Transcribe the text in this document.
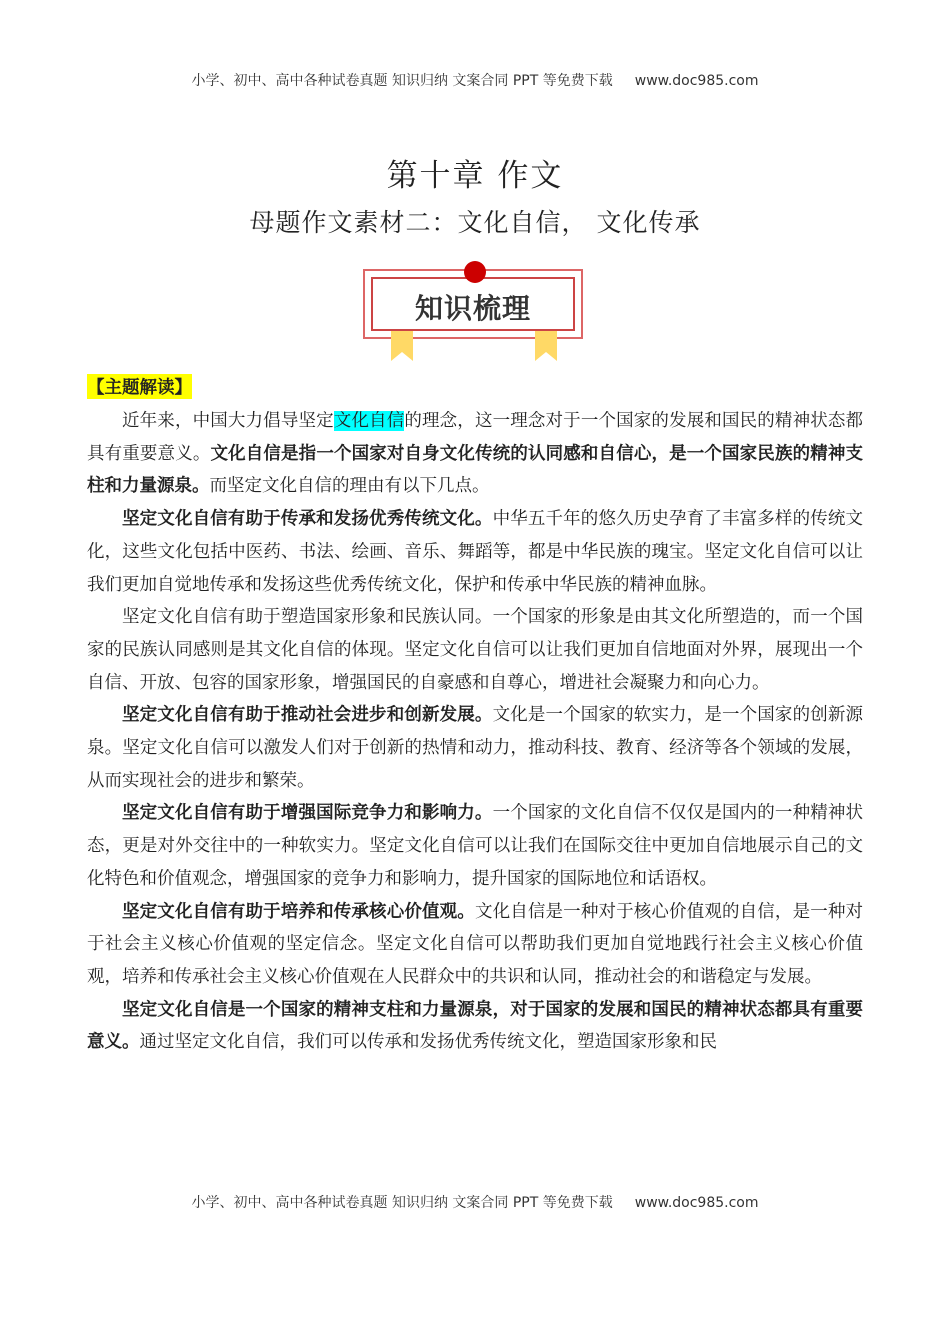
小学、初中、高中各种试卷真题 知识归纳 文案合同 PPT 等免费下载 www.doc985.com
第十章 作文
母题作文素材二：文化自信， 文化传承
知识梳理
【主题解读】

近年来，中国大力倡导坚定文化自信的理念，这一理念对于一个国家的发展和国民的精神状态都具有重要意义。文化自信是指一个国家对自身文化传统的认同感和自信心，是一个国家民族的精神支柱和力量源泉。而坚定文化自信的理由有以下几点。

坚定文化自信有助于传承和发扬优秀传统文化。中华五千年的悠久历史孕育了丰富多样的传统文化，这些文化包括中医药、书法、绘画、音乐、舞蹈等，都是中华民族的瑰宝。坚定文化自信可以让我们更加自觉地传承和发扬这些优秀传统文化，保护和传承中华民族的精神血脉。

坚定文化自信有助于塑造国家形象和民族认同。一个国家的形象是由其文化所塑造的，而一个国家的民族认同感则是其文化自信的体现。坚定文化自信可以让我们更加自信地面对外界，展现出一个自信、开放、包容的国家形象，增强国民的自豪感和自尊心，增进社会凝聚力和向心力。

坚定文化自信有助于推动社会进步和创新发展。文化是一个国家的软实力，是一个国家的创新源泉。坚定文化自信可以激发人们对于创新的热情和动力，推动科技、教育、经济等各个领域的发展，从而实现社会的进步和繁荣。

坚定文化自信有助于增强国际竞争力和影响力。一个国家的文化自信不仅仅是国内的一种精神状态，更是对外交往中的一种软实力。坚定文化自信可以让我们在国际交往中更加自信地展示自己的文化特色和价值观念，增强国家的竞争力和影响力，提升国家的国际地位和话语权。

坚定文化自信有助于培养和传承核心价值观。文化自信是一种对于核心价值观的自信，是一种对于社会主义核心价值观的坚定信念。坚定文化自信可以帮助我们更加自觉地践行社会主义核心价值观，培养和传承社会主义核心价值观在人民群众中的共识和认同，推动社会的和谐稳定与发展。

坚定文化自信是一个国家的精神支柱和力量源泉，对于国家的发展和国民的精神状态都具有重要意义。通过坚定文化自信，我们可以传承和发扬优秀传统文化，塑造国家形象和民

小学、初中、高中各种试卷真题 知识归纳 文案合同 PPT 等免费下载 www.doc985.com
